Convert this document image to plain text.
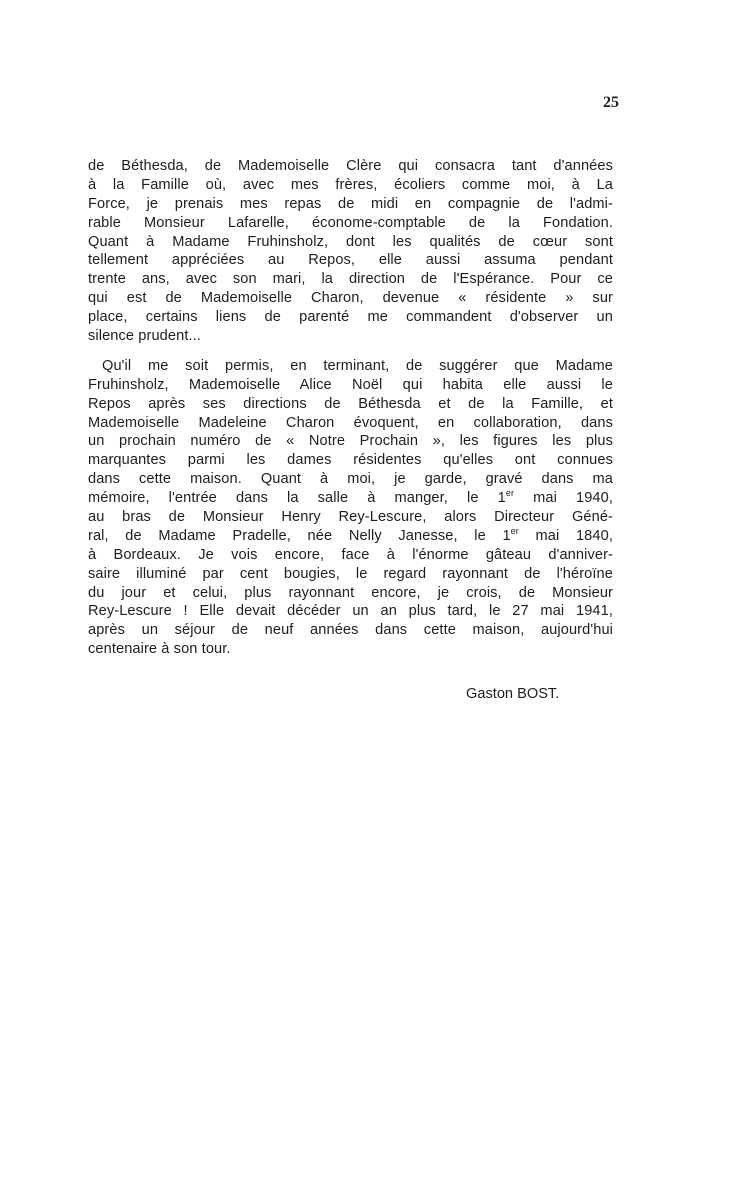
25
de Béthesda, de Mademoiselle Clère qui consacra tant d'années
à la Famille où, avec mes frères, écoliers comme moi, à La
Force, je prenais mes repas de midi en compagnie de l'admi-
rable Monsieur Lafarelle, économe-comptable de la Fondation.
Quant à Madame Fruhinsholz, dont les qualités de cœur sont
tellement appréciées au Repos, elle aussi assuma pendant
trente ans, avec son mari, la direction de l'Espérance. Pour ce
qui est de Mademoiselle Charon, devenue « résidente » sur
place, certains liens de parenté me commandent d'observer un
silence prudent...
Qu'il me soit permis, en terminant, de suggérer que Madame
Fruhinsholz, Mademoiselle Alice Noël qui habita elle aussi le
Repos après ses directions de Béthesda et de la Famille, et
Mademoiselle Madeleine Charon évoquent, en collaboration, dans
un prochain numéro de « Notre Prochain », les figures les plus
marquantes parmi les dames résidentes qu'elles ont connues
dans cette maison. Quant à moi, je garde, gravé dans ma
mémoire, l'entrée dans la salle à manger, le 1er mai 1940,
au bras de Monsieur Henry Rey-Lescure, alors Directeur Géné-
ral, de Madame Pradelle, née Nelly Janesse, le 1er mai 1840,
à Bordeaux. Je vois encore, face à l'énorme gâteau d'anniver-
saire illuminé par cent bougies, le regard rayonnant de l'héroïne
du jour et celui, plus rayonnant encore, je crois, de Monsieur
Rey-Lescure ! Elle devait décéder un an plus tard, le 27 mai 1941,
après un séjour de neuf années dans cette maison, aujourd'hui
centenaire à son tour.
Gaston BOST.
